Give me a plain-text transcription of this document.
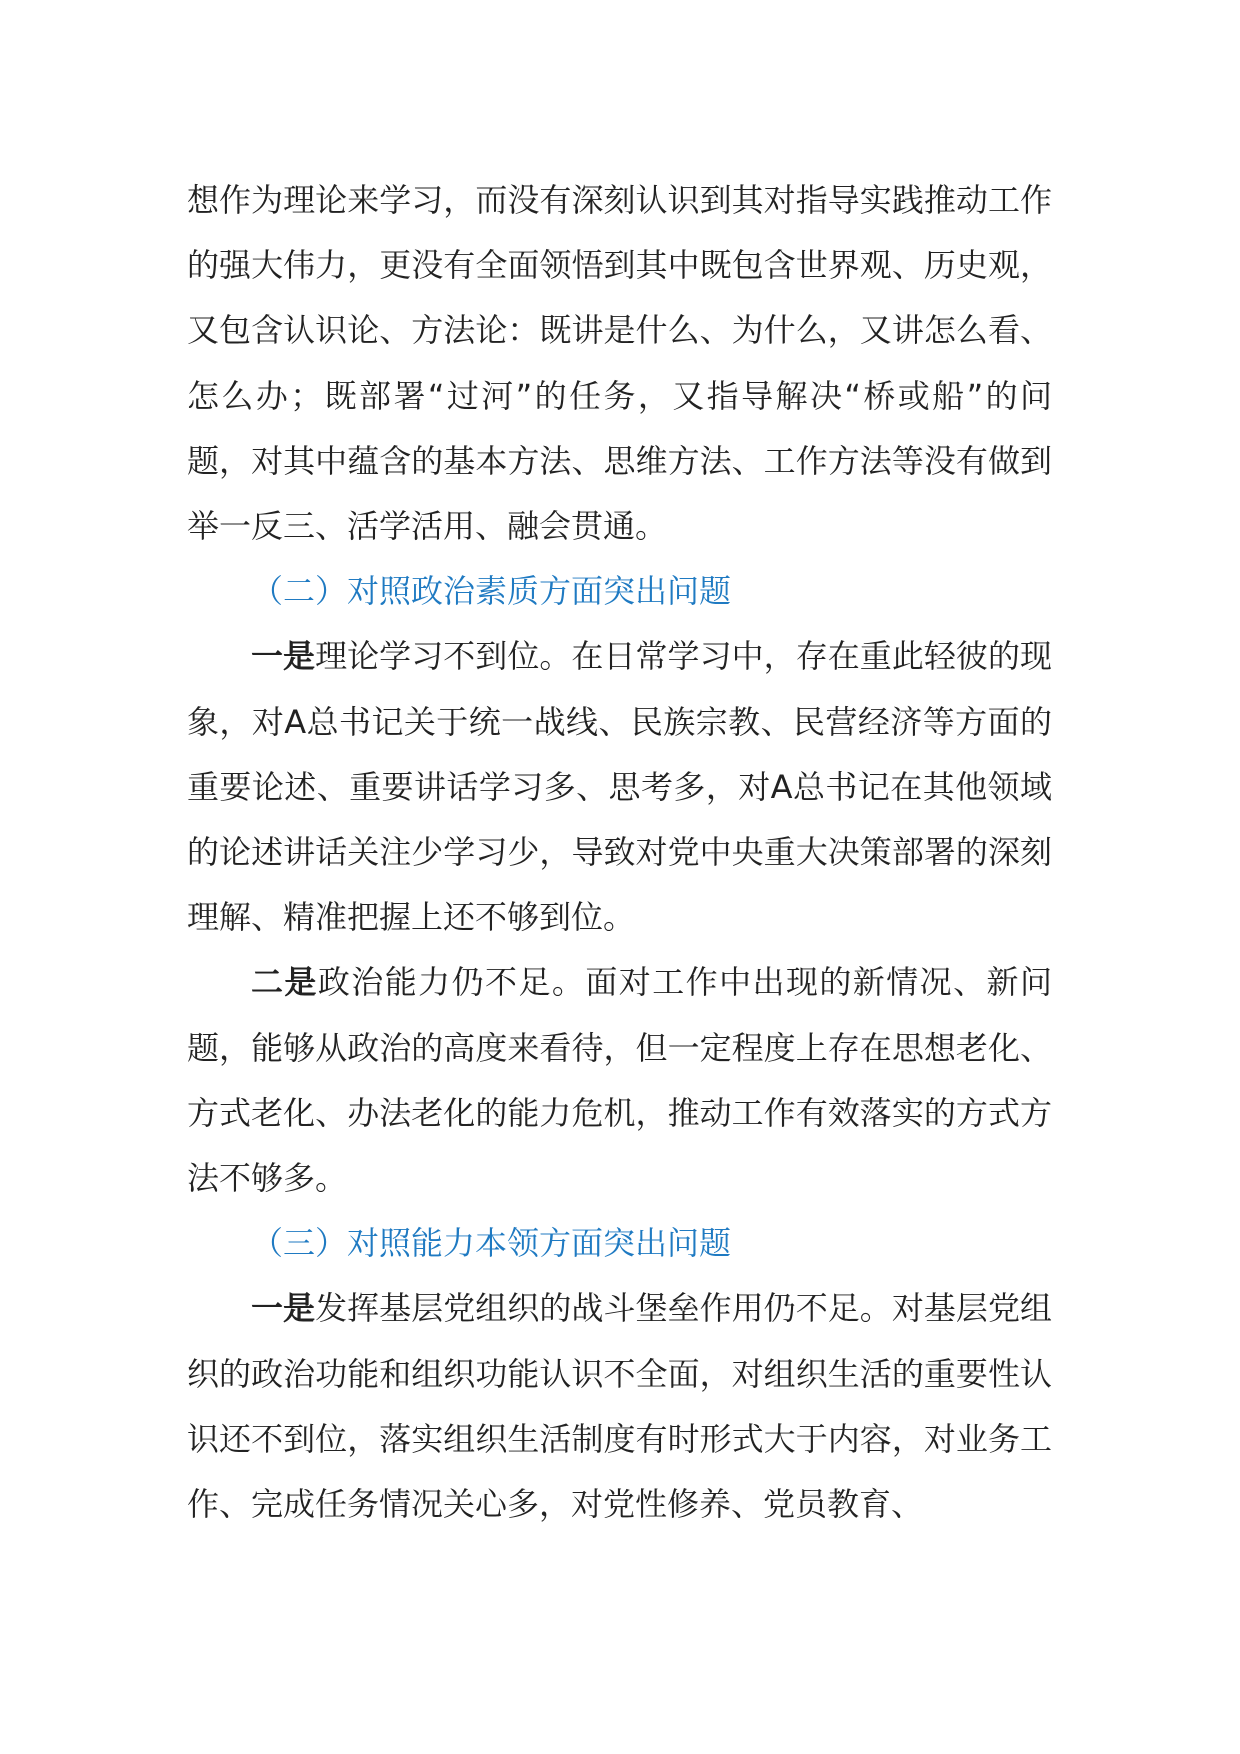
想作为理论来学习，而没有深刻认识到其对指导实践推动工作的强大伟力，更没有全面领悟到其中既包含世界观、历史观，又包含认识论、方法论：既讲是什么、为什么，又讲怎么看、怎么办；既部署“过河”的任务，又指导解决“桥或船”的问题，对其中蕴含的基本方法、思维方法、工作方法等没有做到举一反三、活学活用、融会贯通。

（二）对照政治素质方面突出问题

一是理论学习不到位。在日常学习中，存在重此轻彼的现象，对A总书记关于统一战线、民族宗教、民营经济等方面的重要论述、重要讲话学习多、思考多，对A总书记在其他领域的论述讲话关注少学习少，导致对党中央重大决策部署的深刻理解、精准把握上还不够到位。

二是政治能力仍不足。面对工作中出现的新情况、新问题，能够从政治的高度来看待，但一定程度上存在思想老化、方式老化、办法老化的能力危机，推动工作有效落实的方式方法不够多。

（三）对照能力本领方面突出问题

一是发挥基层党组织的战斗堡垒作用仍不足。对基层党组织的政治功能和组织功能认识不全面，对组织生活的重要性认识还不到位，落实组织生活制度有时形式大于内容，对业务工作、完成任务情况关心多，对党性修养、党员教育、
